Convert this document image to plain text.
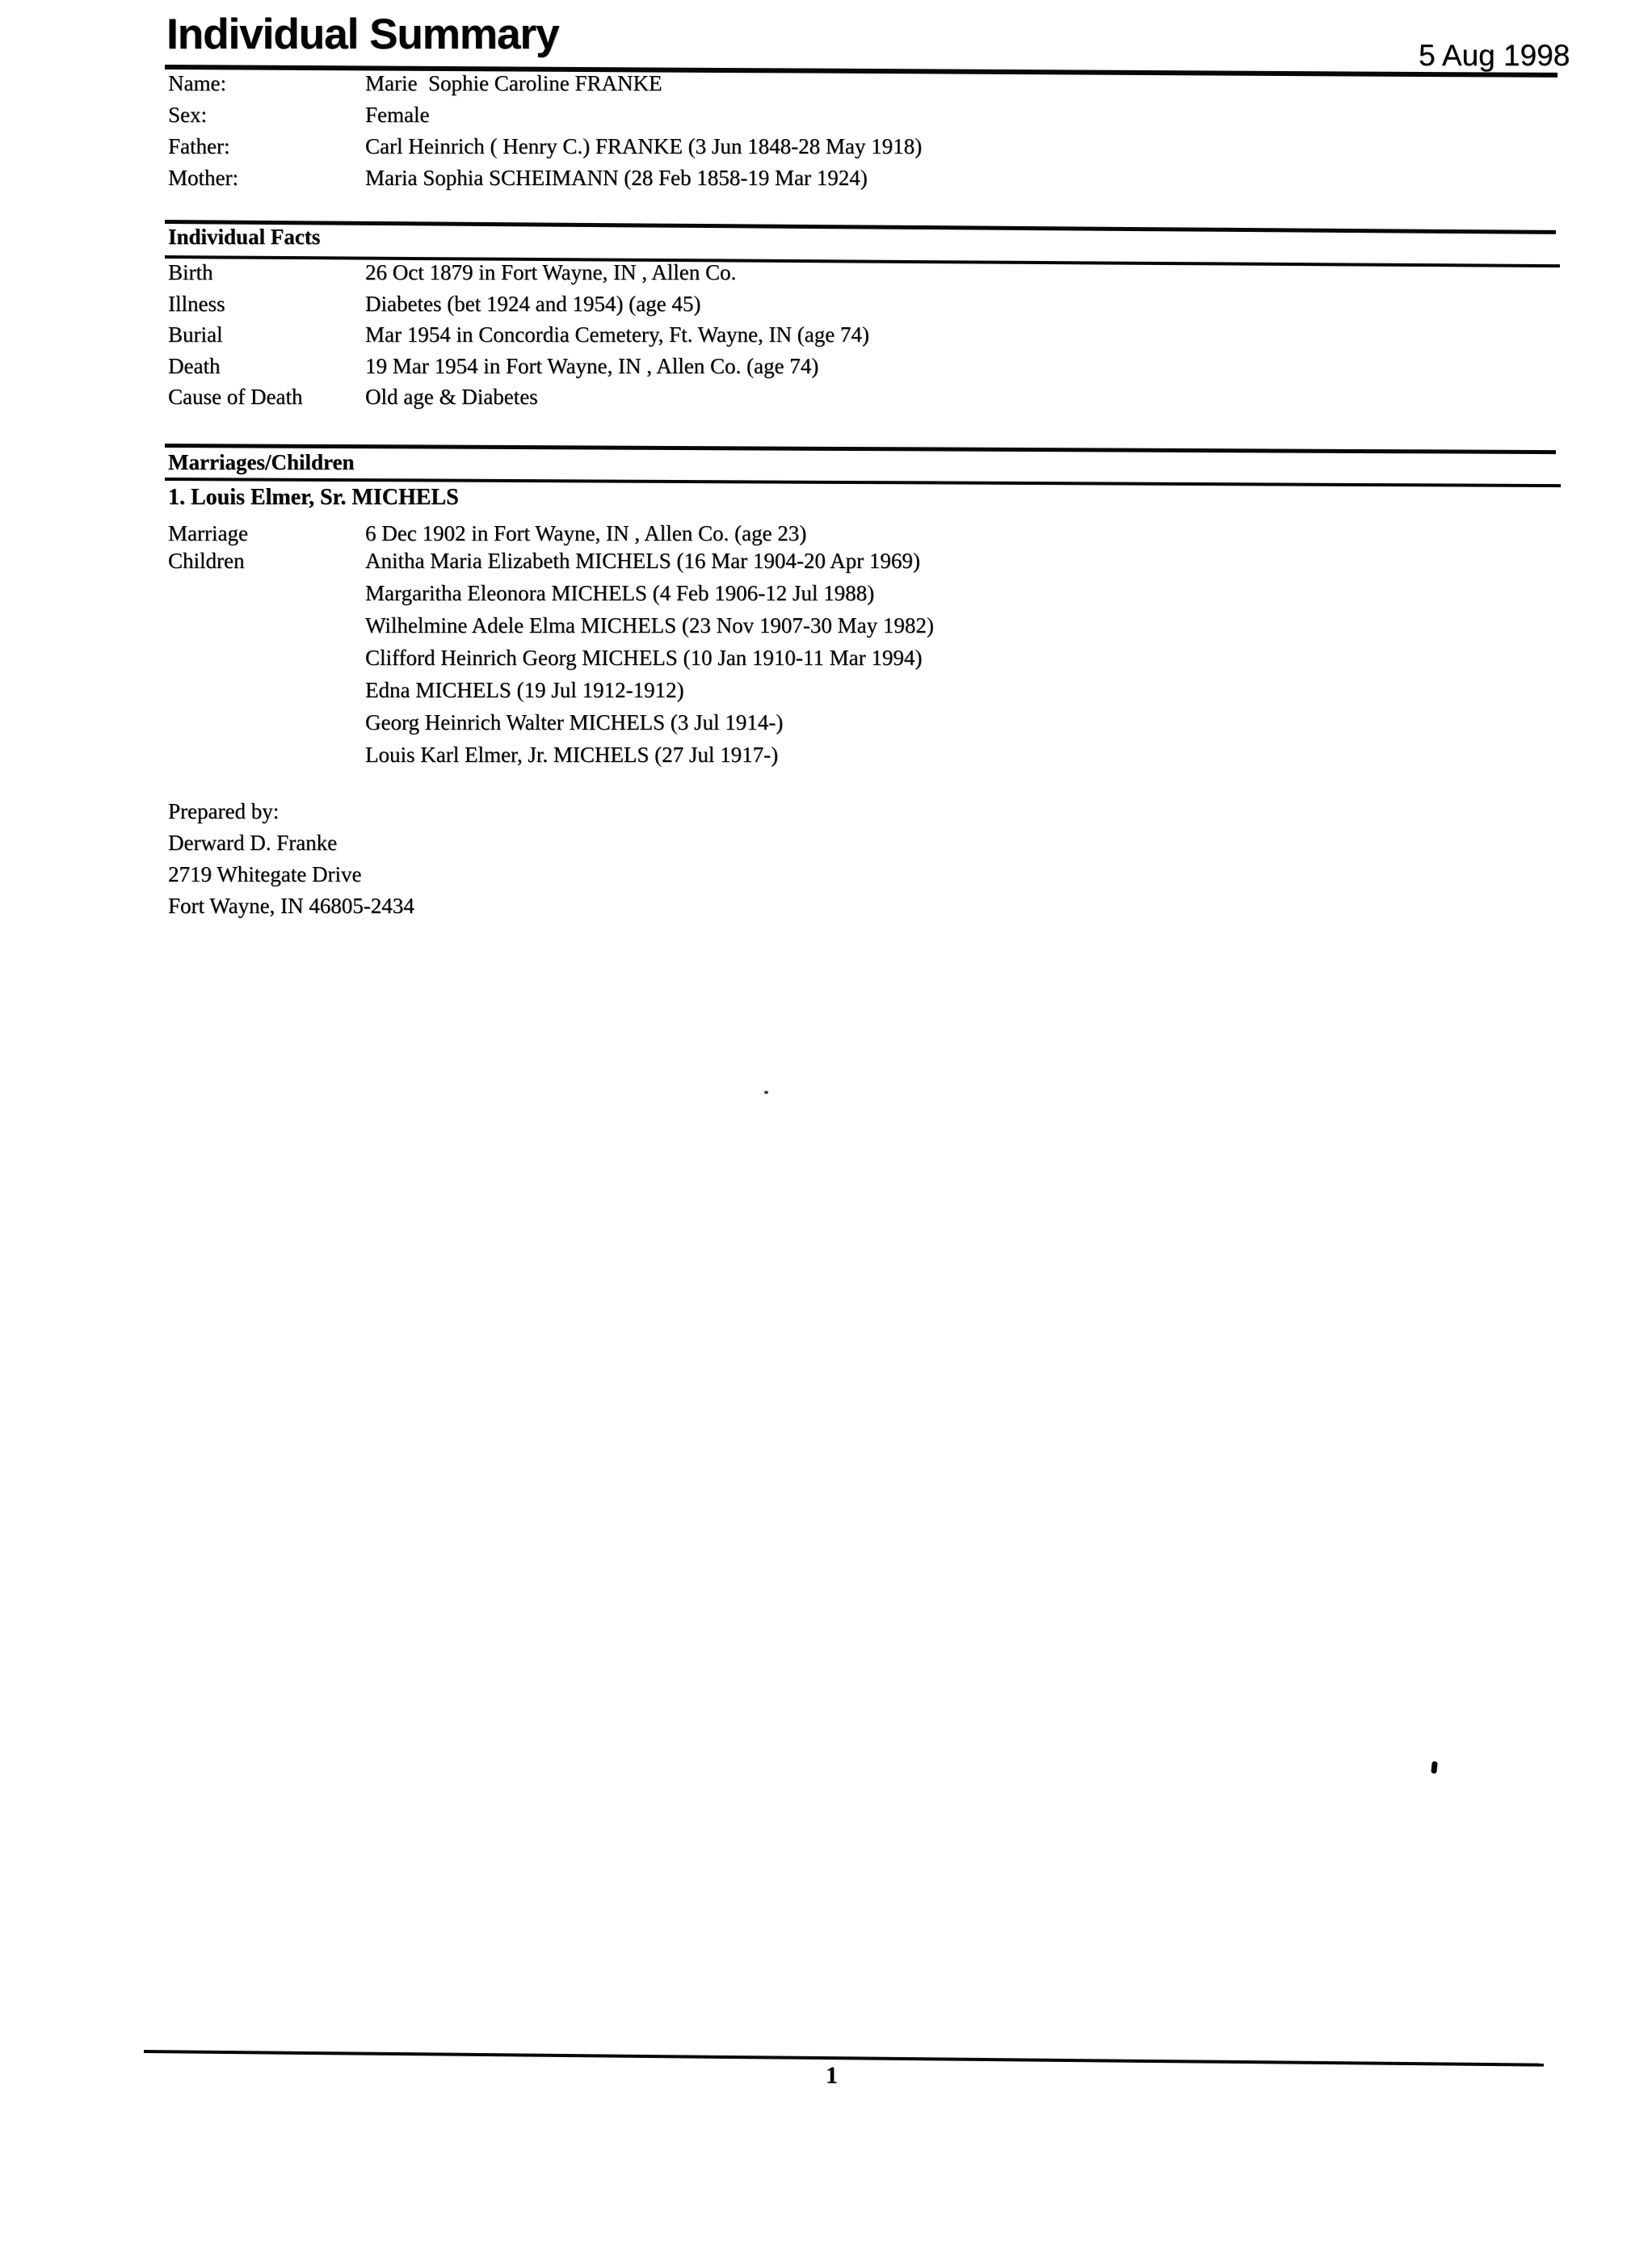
Individual Summary	5 Aug 1998
Name:	Marie  Sophie Caroline FRANKE
Sex:	Female
Father:	Carl Heinrich ( Henry C.) FRANKE (3 Jun 1848-28 May 1918)
Mother:	Maria Sophia SCHEIMANN (28 Feb 1858-19 Mar 1924)
Individual Facts
Birth	26 Oct 1879 in Fort Wayne, IN , Allen Co.
Illness	Diabetes (bet 1924 and 1954) (age 45)
Burial	Mar 1954 in Concordia Cemetery, Ft. Wayne, IN (age 74)
Death	19 Mar 1954 in Fort Wayne, IN , Allen Co. (age 74)
Cause of Death	Old age & Diabetes
Marriages/Children
1. Louis Elmer, Sr. MICHELS
Marriage	6 Dec 1902 in Fort Wayne, IN , Allen Co. (age 23)
Children	Anitha Maria Elizabeth MICHELS (16 Mar 1904-20 Apr 1969)
Margaritha Eleonora MICHELS (4 Feb 1906-12 Jul 1988)
Wilhelmine Adele Elma MICHELS (23 Nov 1907-30 May 1982)
Clifford Heinrich Georg MICHELS (10 Jan 1910-11 Mar 1994)
Edna MICHELS (19 Jul 1912-1912)
Georg Heinrich Walter MICHELS (3 Jul 1914-)
Louis Karl Elmer, Jr. MICHELS (27 Jul 1917-)
Prepared by:
Derward D. Franke
2719 Whitegate Drive
Fort Wayne, IN 46805-2434
1
